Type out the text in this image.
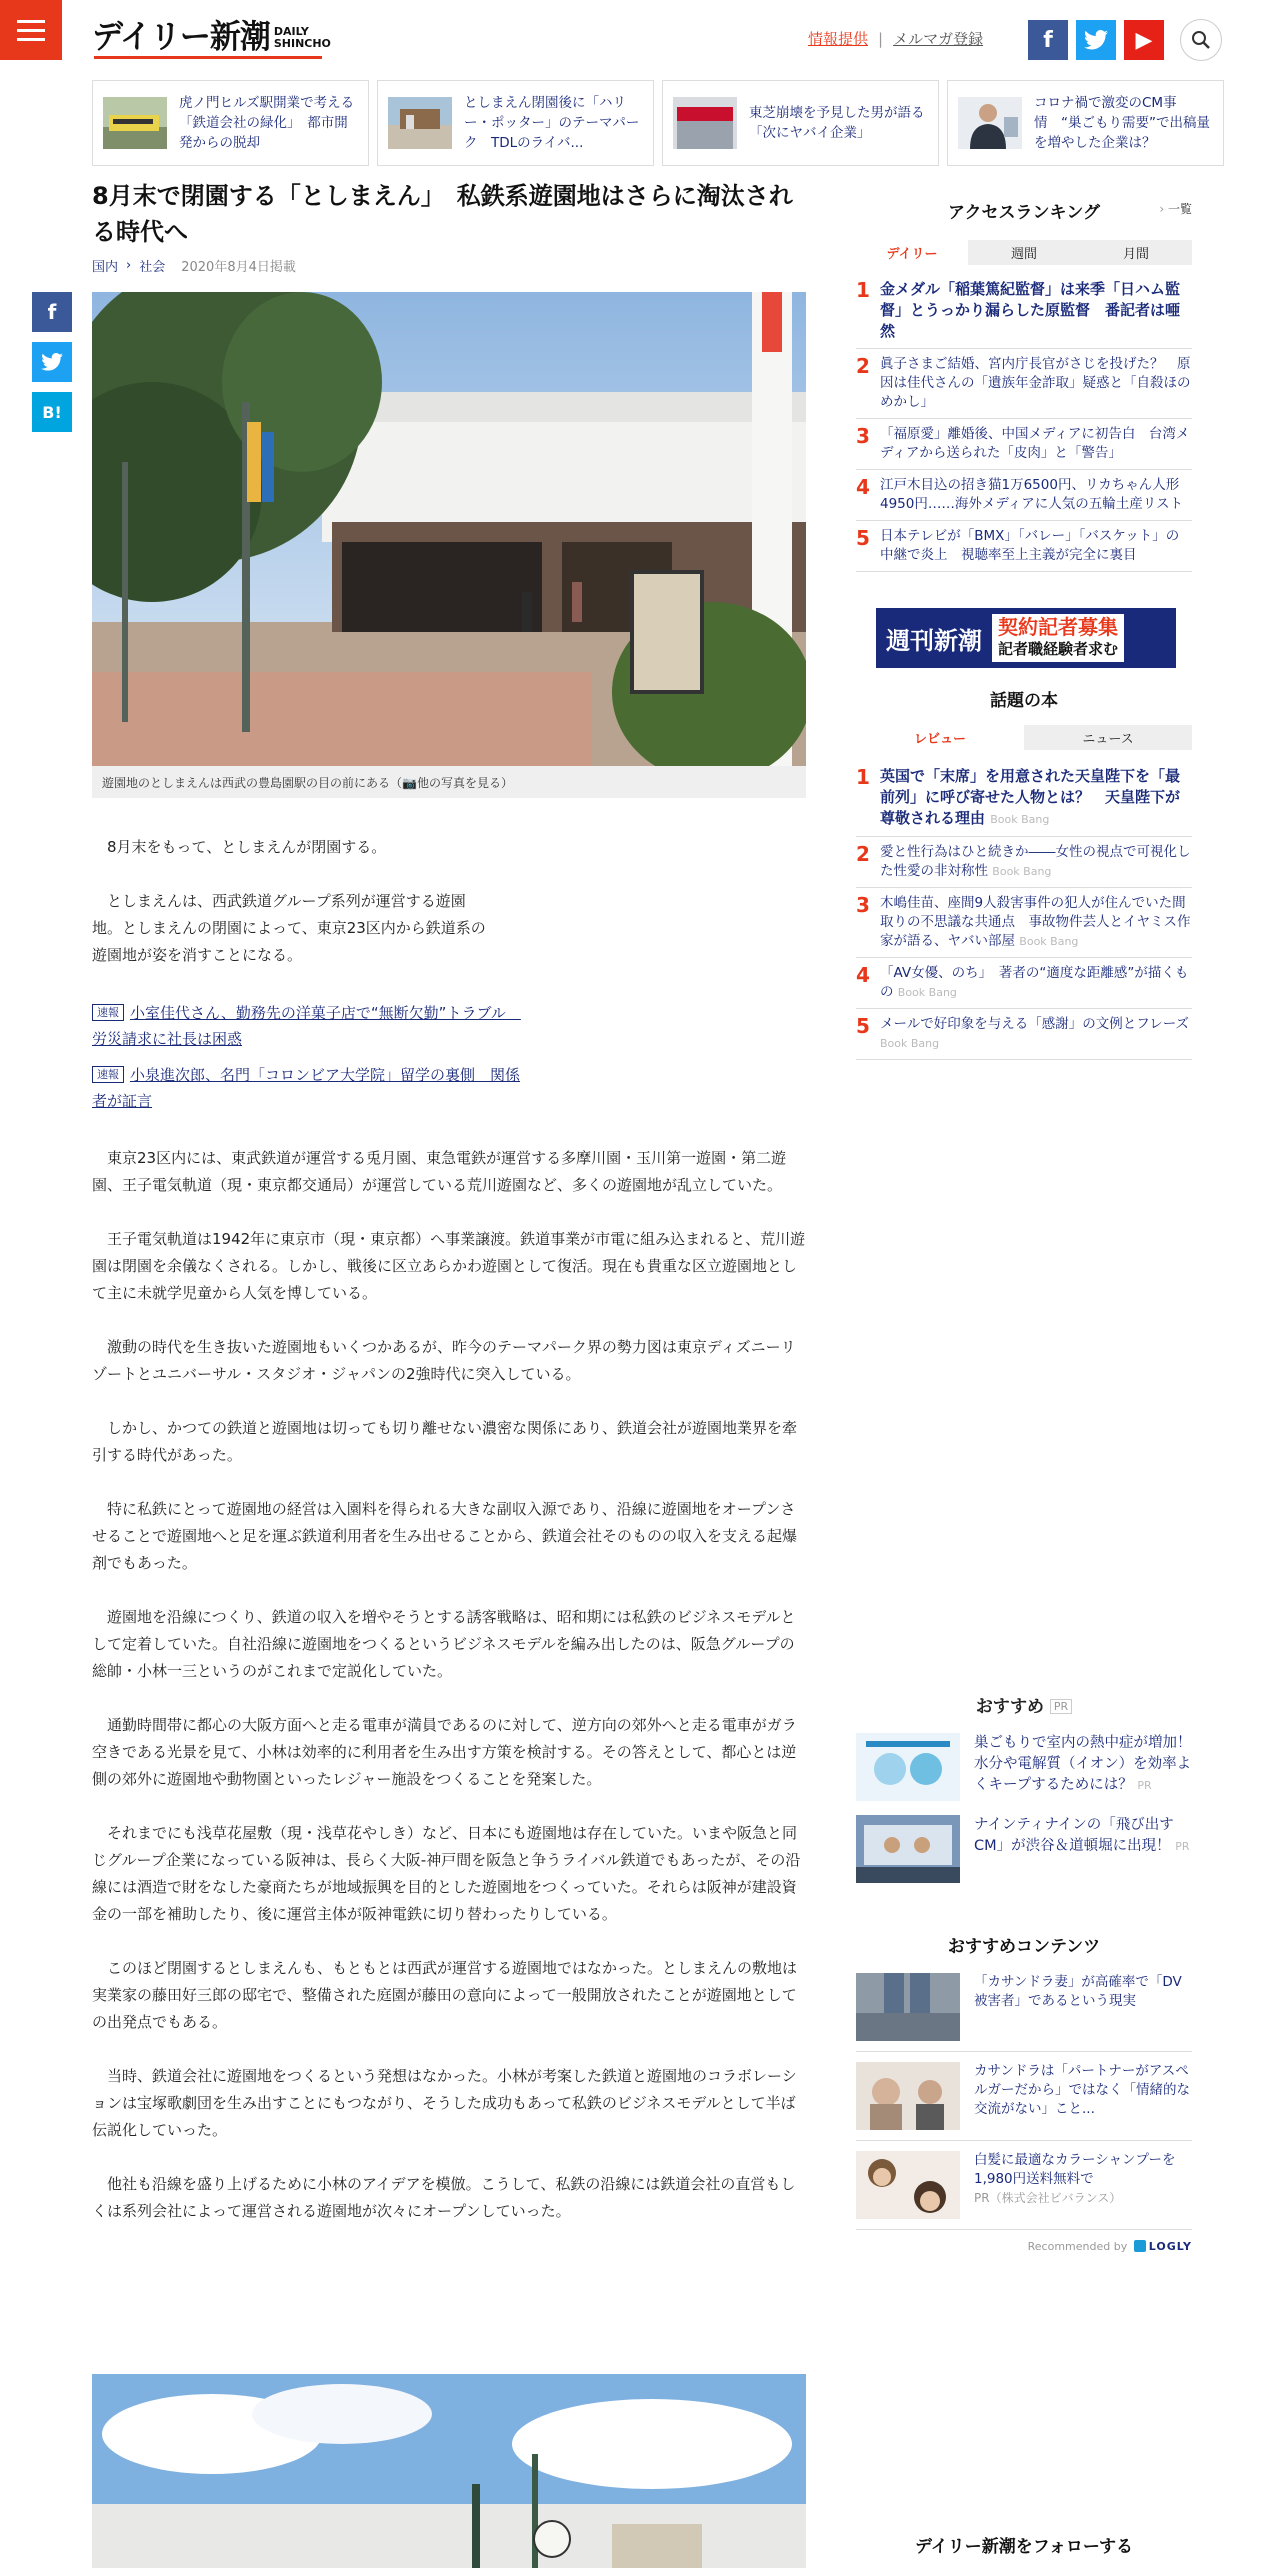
デイリー新潮 DAILY
SHINCHO	情報提供 | メルマガ登録	f	▶
虎ノ門ヒルズ駅開業で考える「鉄道会社の緑化」　都市開発からの脱却
としまえん閉園後に「ハリー・ポッター」のテーマパーク　TDLのライバ...
東芝崩壊を予見した男が語る「次にヤバイ企業」
コロナ禍で激変のCM事情　“巣ごもり需要”で出稿量を増やした企業は？
8月末で閉園する「としまえん」　私鉄系遊園地はさらに淘汰される時代へ
国内 › 社会 2020年8月4日掲載
f
B!
遊園地のとしまえんは西武の豊島園駅の目の前にある（📷他の写真を見る）

8月末をもって、としまえんが閉園する。

としまえんは、西武鉄道グループ系列が運営する遊園地。としまえんの閉園によって、東京23区内から鉄道系の遊園地が姿を消すことになる。

速報 小室佳代さん、勤務先の洋菓子店で“無断欠勤”トラブル　労災請求に社長は困惑
速報 小泉進次郎、名門「コロンビア大学院」留学の裏側　関係者が証言

東京23区内には、東武鉄道が運営する兎月園、東急電鉄が運営する多摩川園・玉川第一遊園・第二遊園、王子電気軌道（現・東京都交通局）が運営している荒川遊園など、多くの遊園地が乱立していた。

王子電気軌道は1942年に東京市（現・東京都）へ事業譲渡。鉄道事業が市電に組み込まれると、荒川遊園は閉園を余儀なくされる。しかし、戦後に区立あらかわ遊園として復活。現在も貴重な区立遊園地として主に未就学児童から人気を博している。

激動の時代を生き抜いた遊園地もいくつかあるが、昨今のテーマパーク界の勢力図は東京ディズニーリゾートとユニバーサル・スタジオ・ジャパンの2強時代に突入している。

しかし、かつての鉄道と遊園地は切っても切り離せない濃密な関係にあり、鉄道会社が遊園地業界を牽引する時代があった。

特に私鉄にとって遊園地の経営は入園料を得られる大きな副収入源であり、沿線に遊園地をオープンさせることで遊園地へと足を運ぶ鉄道利用者を生み出せることから、鉄道会社そのものの収入を支える起爆剤でもあった。

遊園地を沿線につくり、鉄道の収入を増やそうとする誘客戦略は、昭和期には私鉄のビジネスモデルとして定着していた。自社沿線に遊園地をつくるというビジネスモデルを編み出したのは、阪急グループの総帥・小林一三というのがこれまで定説化していた。

通勤時間帯に都心の大阪方面へと走る電車が満員であるのに対して、逆方向の郊外へと走る電車がガラ空きである光景を見て、小林は効率的に利用者を生み出す方策を検討する。その答えとして、都心とは逆側の郊外に遊園地や動物園といったレジャー施設をつくることを発案した。

それまでにも浅草花屋敷（現・浅草花やしき）など、日本にも遊園地は存在していた。いまや阪急と同じグループ企業になっている阪神は、長らく大阪-神戸間を阪急と争うライバル鉄道でもあったが、その沿線には酒造で財をなした豪商たちが地域振興を目的とした遊園地をつくっていた。それらは阪神が建設資金の一部を補助したり、後に運営主体が阪神電鉄に切り替わったりしている。

このほど閉園するとしまえんも、もともとは西武が運営する遊園地ではなかった。としまえんの敷地は実業家の藤田好三郎の邸宅で、整備された庭園が藤田の意向によって一般開放されたことが遊園地としての出発点でもある。

当時、鉄道会社に遊園地をつくるという発想はなかった。小林が考案した鉄道と遊園地のコラボレーションは宝塚歌劇団を生み出すことにもつながり、そうした成功もあって私鉄のビジネスモデルとして半ば伝説化していった。

他社も沿線を盛り上げるために小林のアイデアを模倣。こうして、私鉄の沿線には鉄道会社の直営もしくは系列会社によって運営される遊園地が次々にオープンしていった。

アクセスランキング	› 一覧
デイリー	週間	月間
1 金メダル「稲葉篤紀監督」は来季「日ハム監督」とうっかり漏らした原監督　番記者は唖然
2 眞子さまご結婚、宮内庁長官がさじを投げた？　原因は佳代さんの「遺族年金詐取」疑惑と「自殺ほのめかし」
3 「福原愛」離婚後、中国メディアに初告白　台湾メディアから送られた「皮肉」と「警告」
4 江戸木目込の招き猫1万6500円、リカちゃん人形4950円……海外メディアに人気の五輪土産リスト
5 日本テレビが「BMX」「バレー」「バスケット」の中継で炎上　視聴率至上主義が完全に裏目
週刊新潮 契約記者募集
記者職経験者求む
話題の本
レビュー	ニュース
1 英国で「末席」を用意された天皇陛下を「最前列」に呼び寄せた人物とは？　天皇陛下が尊敬される理由 Book Bang
2 愛と性行為はひと続きか――女性の視点で可視化した性愛の非対称性 Book Bang
3 木嶋佳苗、座間9人殺害事件の犯人が住んでいた間取りの不思議な共通点　事故物件芸人とイヤミス作家が語る、ヤバい部屋 Book Bang
4 「AV女優、のち」　著者の“適度な距離感”が描くもの Book Bang
5 メールで好印象を与える「感謝」の文例とフレーズ Book Bang
おすすめ PR
巣ごもりで室内の熱中症が増加！　水分や電解質（イオン）を効率よくキープするためには？ PR
ナインティナインの「飛び出すCM」が渋谷＆道頓堀に出現！ PR
おすすめコンテンツ
「カサンドラ妻」が高確率で「DV被害者」であるという現実
カサンドラは「パートナーがアスペルガーだから」ではなく「情緒的な交流がない」こと...
白髪に最適なカラーシャンプーを1,980円送料無料で
PR（株式会社ビバランス）
Recommended by LOGLY
デイリー新潮をフォローする
